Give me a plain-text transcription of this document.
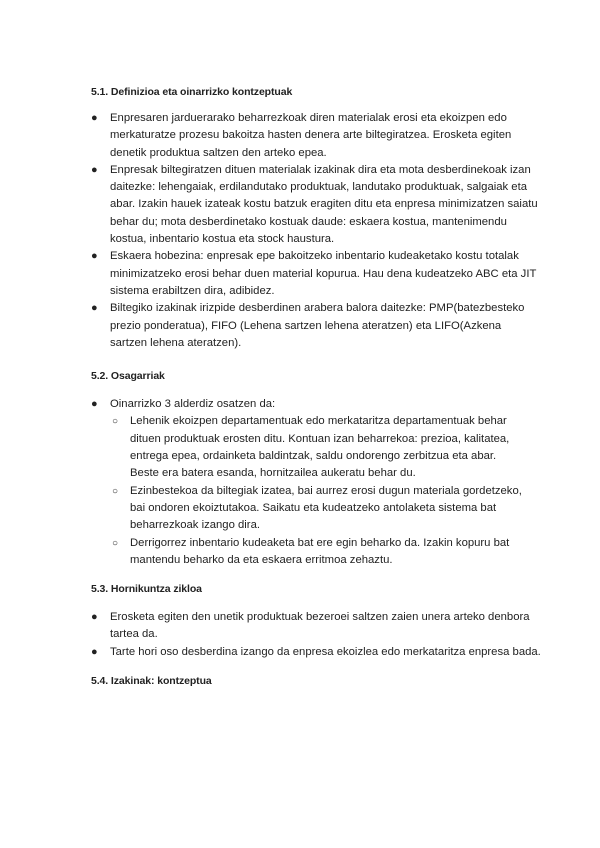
5.1. Definizioa eta oinarrizko kontzeptuak
● Enpresaren jarduerarako beharrezkoak diren materialak erosi eta ekoizpen edo merkaturatze prozesu bakoitza hasten denera arte biltegiratzea. Erosketa egiten denetik produktua saltzen den arteko epea.
● Enpresak biltegiratzen dituen materialak izakinak dira eta mota desberdinekoak izan daitezke: lehengaiak, erdilandutako produktuak, landutako produktuak, salgaiak eta abar. Izakin hauek izateak kostu batzuk eragiten ditu eta enpresa minimizatzen saiatu behar du; mota desberdinetako kostuak daude: eskaera kostua, mantenimendu kostua, inbentario kostua eta stock haustura.
● Eskaera hobezina: enpresak epe bakoitzeko inbentario kudeaketako kostu totalak minimizatzeko erosi behar duen material kopurua. Hau dena kudeatzeko ABC eta JIT sistema erabiltzen dira, adibidez.
● Biltegiko izakinak irizpide desberdinen arabera balora daitezke: PMP(batezbesteko prezio ponderatua), FIFO (Lehena sartzen lehena ateratzen) eta LIFO(Azkena sartzen lehena ateratzen).
5.2. Osagarriak
● Oinarrizko 3 alderdiz osatzen da:
○ Lehenik ekoizpen departamentuak edo merkataritza departamentuak behar dituen produktuak erosten ditu. Kontuan izan beharrekoa: prezioa, kalitatea, entrega epea, ordainketa baldintzak, saldu ondorengo zerbitzua eta abar. Beste era batera esanda, hornitzailea aukeratu behar du.
○ Ezinbestekoa da biltegiak izatea, bai aurrez erosi dugun materiala gordetzeko, bai ondoren ekoiztutakoa. Saikatu eta kudeatzeko antolaketa sistema bat beharrezkoak izango dira.
○ Derrigorrez inbentario kudeaketa bat ere egin beharko da. Izakin kopuru bat mantendu beharko da eta eskaera erritmoa zehaztu.
5.3. Hornikuntza zikloa
● Erosketa egiten den unetik produktuak bezeroei saltzen zaien unera arteko denbora tartea da.
● Tarte hori oso desberdina izango da enpresa ekoizlea edo merkataritza enpresa bada.
5.4. Izakinak: kontzeptua
